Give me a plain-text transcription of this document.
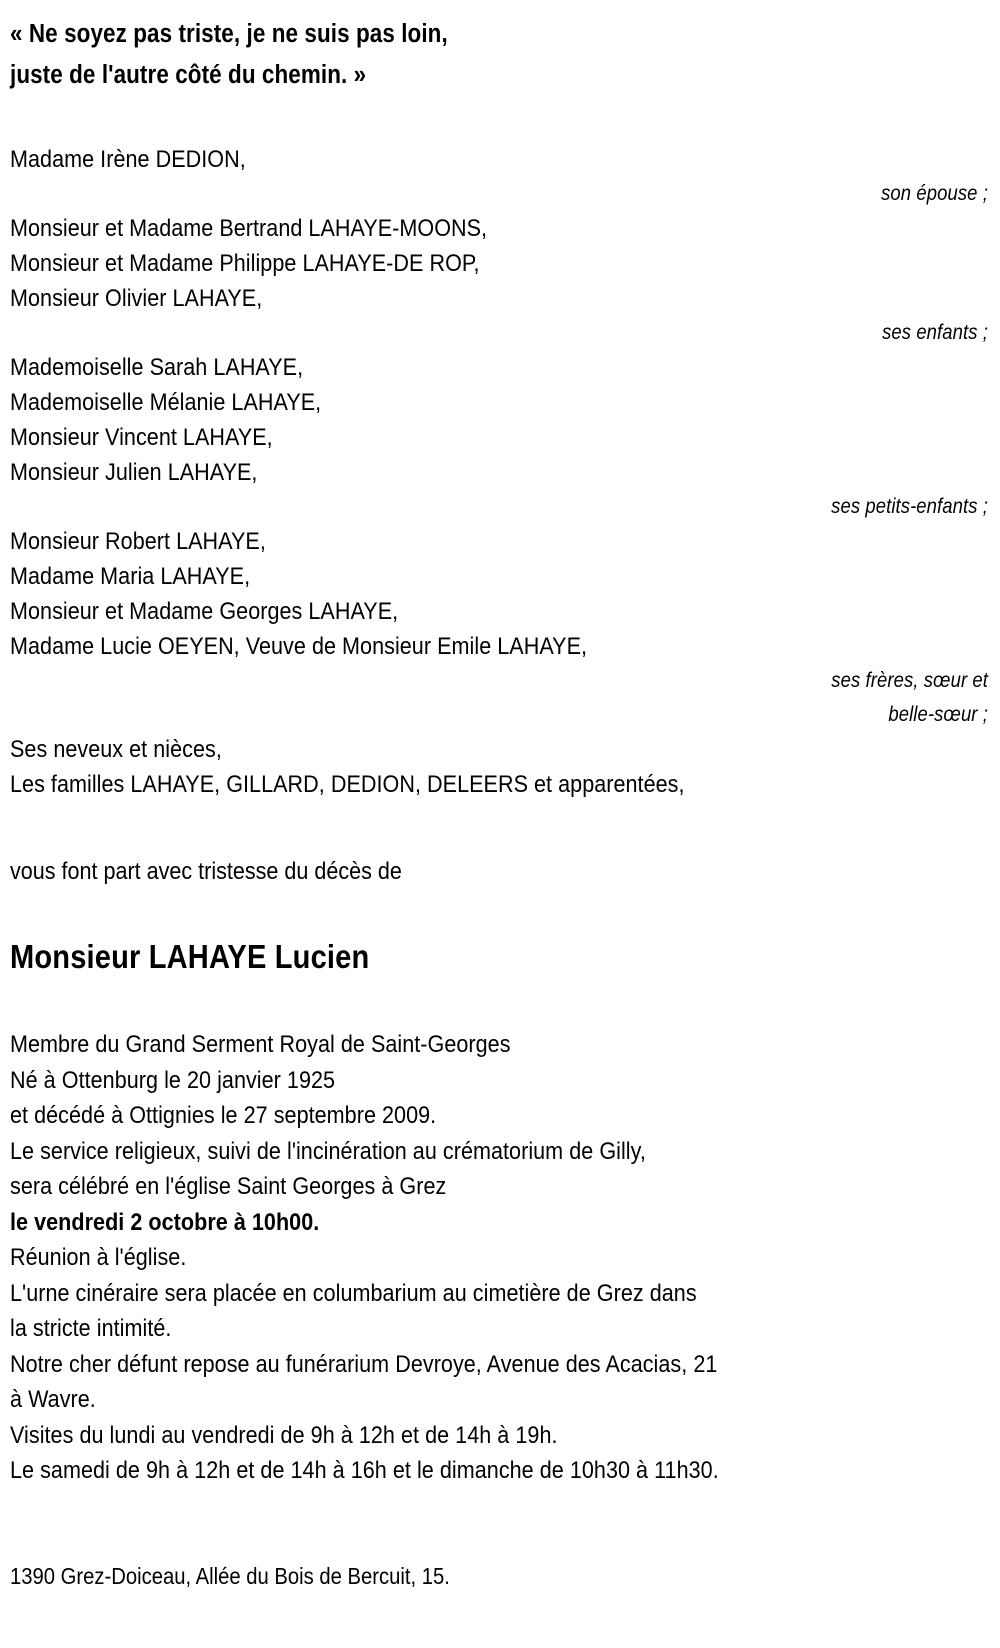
« Ne soyez pas triste, je ne suis pas loin,
juste de l'autre côté du chemin. »
Madame Irène DEDION,
son épouse ;
Monsieur et Madame Bertrand LAHAYE-MOONS,
Monsieur et Madame Philippe LAHAYE-DE ROP,
Monsieur Olivier LAHAYE,
ses enfants ;
Mademoiselle Sarah LAHAYE,
Mademoiselle Mélanie LAHAYE,
Monsieur Vincent LAHAYE,
Monsieur Julien LAHAYE,
ses petits-enfants ;
Monsieur Robert LAHAYE,
Madame Maria LAHAYE,
Monsieur et Madame Georges LAHAYE,
Madame Lucie OEYEN, Veuve de Monsieur Emile LAHAYE,
ses frères, sœur et
belle-sœur ;
Ses neveux et nièces,
Les familles LAHAYE, GILLARD, DEDION, DELEERS et apparentées,
vous font part avec tristesse du décès de
Monsieur LAHAYE Lucien
Membre du Grand Serment Royal de Saint-Georges
Né à Ottenburg le 20 janvier 1925
et décédé à Ottignies le 27 septembre 2009.
Le service religieux, suivi de l'incinération au crématorium de Gilly,
sera célébré en l'église Saint Georges à Grez
le vendredi 2 octobre à 10h00.
Réunion à l'église.
L'urne cinéraire sera placée en columbarium au cimetière de Grez dans
la stricte intimité.
Notre cher défunt repose au funérarium Devroye, Avenue des Acacias, 21
à Wavre.
Visites du lundi au vendredi de 9h à 12h et de 14h à 19h.
Le samedi de 9h à 12h et de 14h à 16h et le dimanche de 10h30 à 11h30.
1390 Grez-Doiceau, Allée du Bois de Bercuit, 15.
